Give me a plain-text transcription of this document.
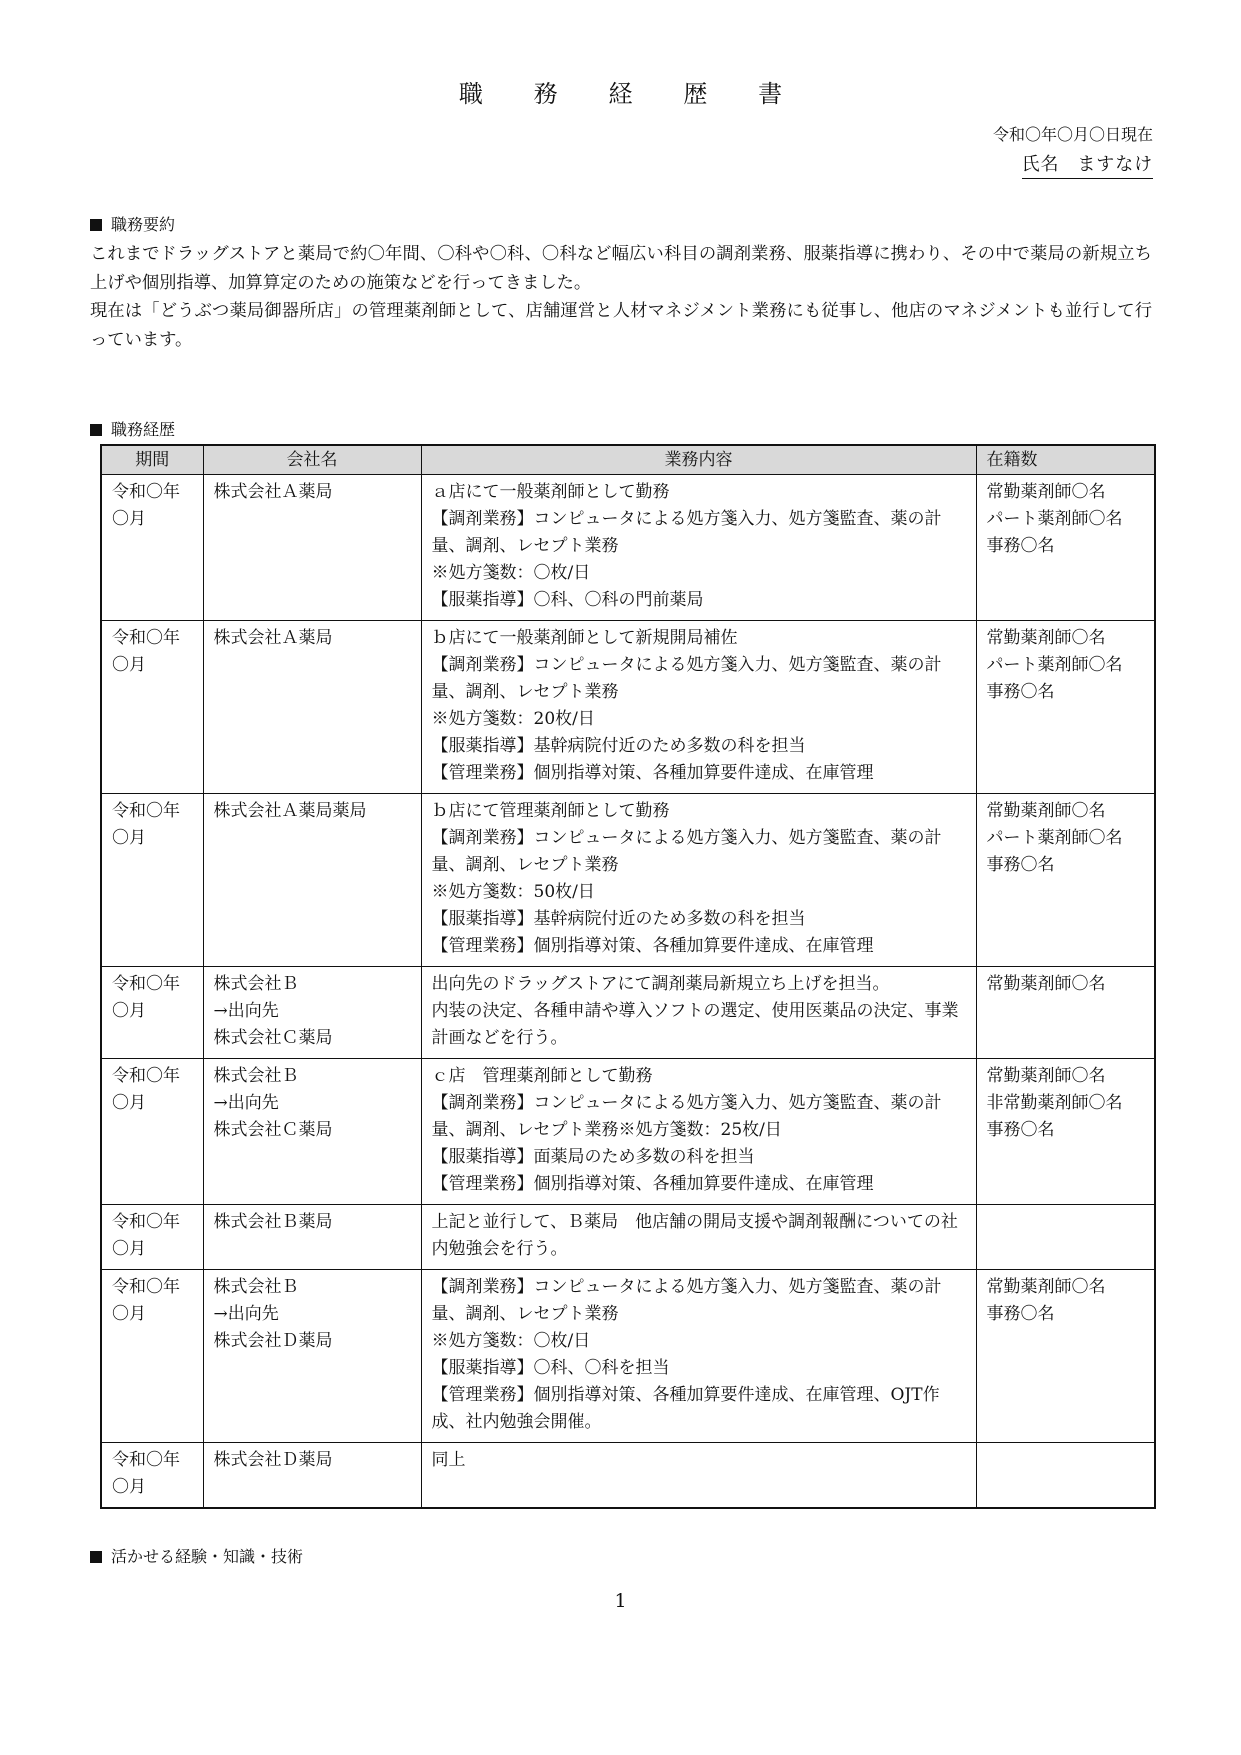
職 務 経 歴 書
令和〇年〇月〇日現在
氏名 ますなけ
職務要約

これまでドラッグストアと薬局で約〇年間、〇科や〇科、〇科など幅広い科目の調剤業務、服薬指導に携わり、その中で薬局の新規立ち上げや個別指導、加算算定のための施策などを行ってきました。

現在は「どうぶつ薬局御器所店」の管理薬剤師として、店舗運営と人材マネジメント業務にも従事し、他店のマネジメントも並行して行っています。

職務経歴
期間	会社名	業務内容	在籍数

令和〇年
〇月	株式会社Ａ薬局	ａ店にて一般薬剤師として勤務
【調剤業務】コンピュータによる処方箋入力、処方箋監査、薬の計量、調剤、レセプト業務
※処方箋数：〇枚/日
【服薬指導】〇科、〇科の門前薬局	常勤薬剤師〇名
パート薬剤師〇名
事務〇名

令和〇年
〇月	株式会社Ａ薬局	ｂ店にて一般薬剤師として新規開局補佐
【調剤業務】コンピュータによる処方箋入力、処方箋監査、薬の計量、調剤、レセプト業務
※処方箋数：20枚/日
【服薬指導】基幹病院付近のため多数の科を担当
【管理業務】個別指導対策、各種加算要件達成、在庫管理	常勤薬剤師〇名
パート薬剤師〇名
事務〇名

令和〇年
〇月	株式会社Ａ薬局薬局	ｂ店にて管理薬剤師として勤務
【調剤業務】コンピュータによる処方箋入力、処方箋監査、薬の計量、調剤、レセプト業務
※処方箋数：50枚/日
【服薬指導】基幹病院付近のため多数の科を担当
【管理業務】個別指導対策、各種加算要件達成、在庫管理	常勤薬剤師〇名
パート薬剤師〇名
事務〇名

令和〇年
〇月	株式会社Ｂ
→出向先
株式会社Ｃ薬局	出向先のドラッグストアにて調剤薬局新規立ち上げを担当。
内装の決定、各種申請や導入ソフトの選定、使用医薬品の決定、事業計画などを行う。	常勤薬剤師〇名

令和〇年
〇月	株式会社Ｂ
→出向先
株式会社Ｃ薬局	ｃ店　管理薬剤師として勤務
【調剤業務】コンピュータによる処方箋入力、処方箋監査、薬の計量、調剤、レセプト業務※処方箋数：25枚/日
【服薬指導】面薬局のため多数の科を担当
【管理業務】個別指導対策、各種加算要件達成、在庫管理	常勤薬剤師〇名
非常勤薬剤師〇名
事務〇名

令和〇年
〇月	株式会社Ｂ薬局	上記と並行して、Ｂ薬局　他店舗の開局支援や調剤報酬についての社内勉強会を行う。	

令和〇年
〇月	株式会社Ｂ
→出向先
株式会社Ｄ薬局	【調剤業務】コンピュータによる処方箋入力、処方箋監査、薬の計量、調剤、レセプト業務
※処方箋数：〇枚/日
【服薬指導】〇科、〇科を担当
【管理業務】個別指導対策、各種加算要件達成、在庫管理、OJT作成、社内勉強会開催。	常勤薬剤師〇名
事務〇名

令和〇年
〇月	株式会社Ｄ薬局	同上	

活かせる経験・知識・技術
1
